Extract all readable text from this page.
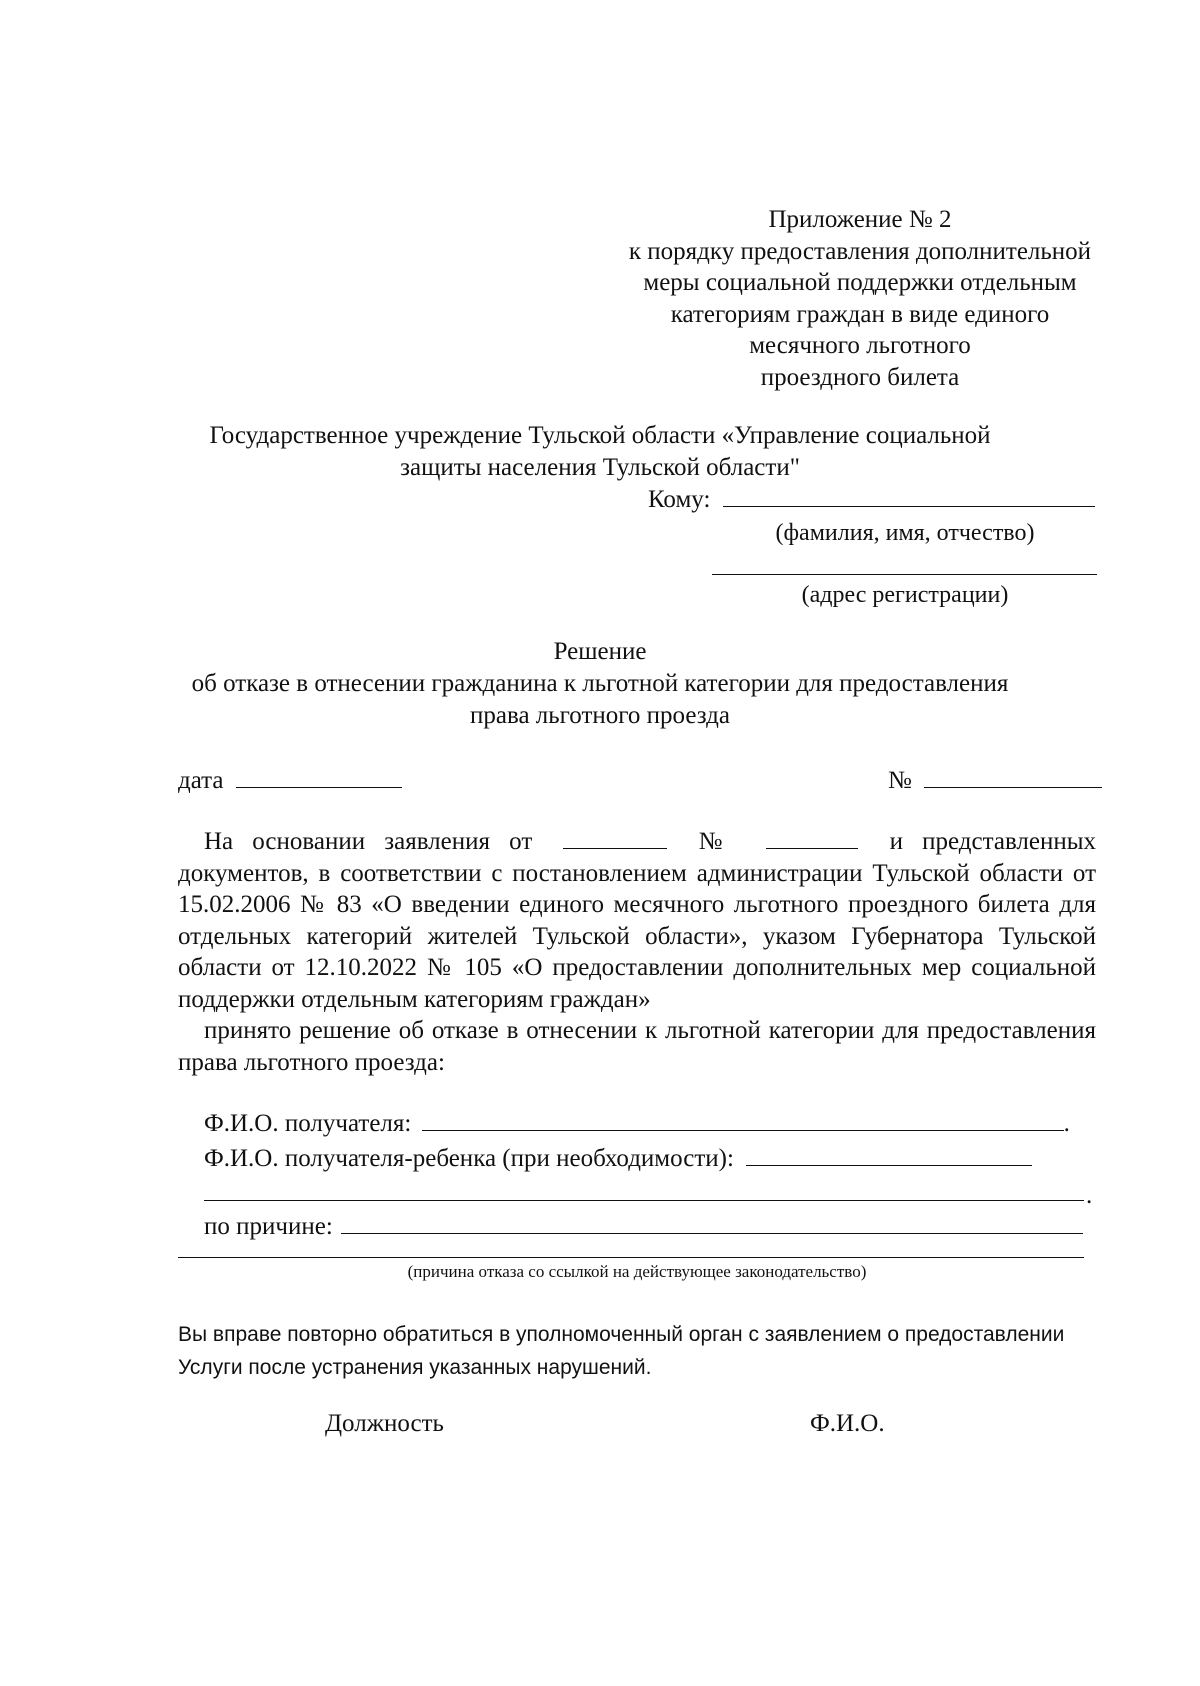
Приложение № 2
к порядку предоставления дополнительной
меры социальной поддержки отдельным
категориям граждан в виде единого
месячного льготного
проездного билета
Государственное учреждение Тульской области «Управление социальной
защиты населения Тульской области"
Кому:
(фамилия, имя, отчество)
(адрес регистрации)
Решение
об отказе в отнесении гражданина к льготной категории для предоставления
права льготного проезда
дата	№

На основании заявления от	№	и представленных документов, в соответствии с постановлением администрации Тульской области от 15.02.2006 № 83 «О введении единого месячного льготного проездного билета для отдельных категорий жителей Тульской области», указом Губернатора Тульской области от 12.10.2022 № 105 «О предоставлении дополнительных мер социальной поддержки отдельным категориям граждан»

принято решение об отказе в отнесении к льготной категории для предоставления права льготного проезда:

Ф.И.О. получателя:	.
Ф.И.О. получателя-ребенка (при необходимости):
.
по причине:
(причина отказа со ссылкой на действующее законодательство)
Вы вправе повторно обратиться в уполномоченный орган с заявлением о предоставлении
Услуги после устранения указанных нарушений.
Должность	Ф.И.О.
